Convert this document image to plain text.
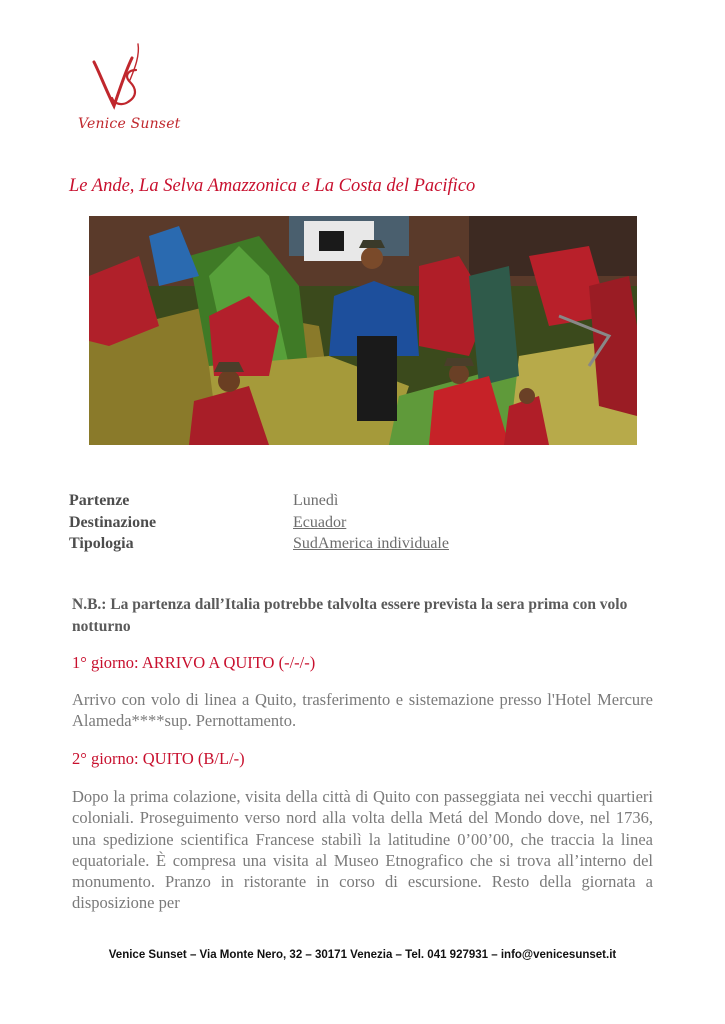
Venice Sunset
Le Ande, La Selva Amazzonica e La Costa del Pacifico
Partenze	Lunedì
Destinazione	Ecuador
Tipologia	SudAmerica individuale
N.B.: La partenza dall’Italia potrebbe talvolta essere prevista la sera prima con volo notturno
1° giorno: ARRIVO A QUITO (-/-/-)

Arrivo con volo di linea a Quito, trasferimento e sistemazione presso l'Hotel Mercure Alameda****sup. Pernottamento.

2° giorno: QUITO (B/L/-)

Dopo la prima colazione, visita della città di Quito con passeggiata nei vecchi quartieri coloniali. Proseguimento verso nord alla volta della Metá del Mondo dove, nel 1736, una spedizione scientifica Francese stabilì la latitudine 0’00’00, che traccia la linea equatoriale. È compresa una visita al Museo Etnografico che si trova all’interno del monumento. Pranzo in ristorante in corso di escursione. Resto della giornata a disposizione per

Venice Sunset – Via Monte Nero, 32 – 30171 Venezia – Tel. 041 927931 – info@venicesunset.it
